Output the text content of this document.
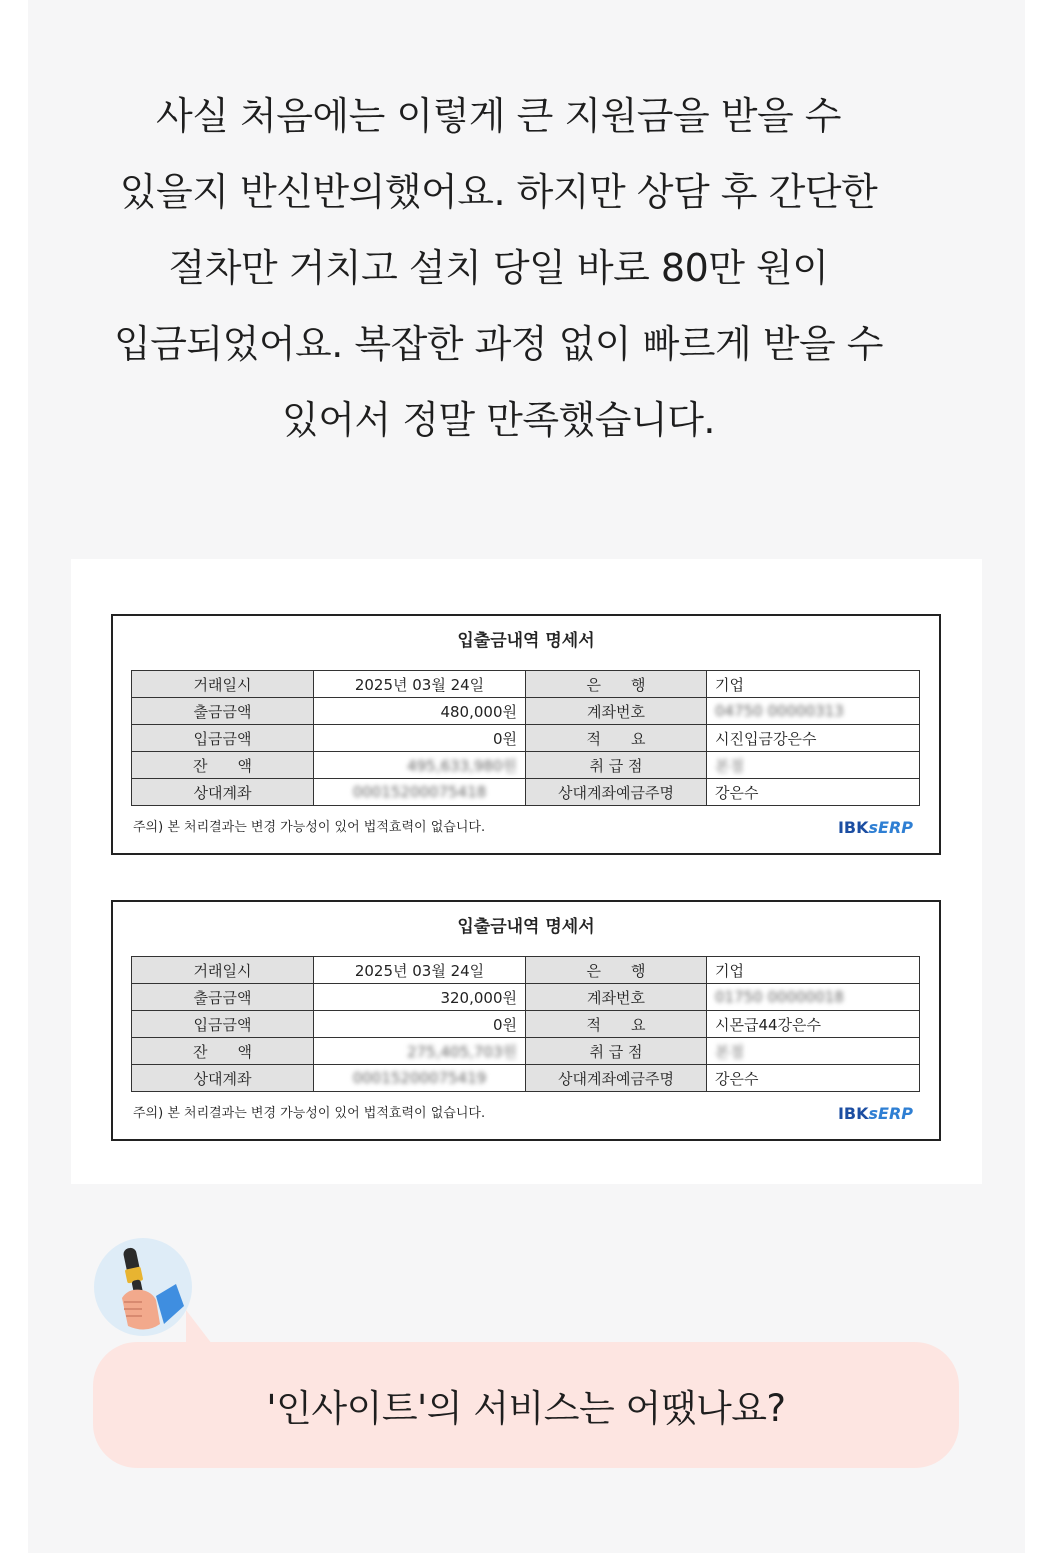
사실 처음에는 이렇게 큰 지원금을 받을 수
있을지 반신반의했어요. 하지만 상담 후 간단한
절차만 거치고 설치 당일 바로 80만 원이
입금되었어요. 복잡한 과정 없이 빠르게 받을 수
있어서 정말 만족했습니다.
입출금내역 명세서
거래일시	2025년 03월 24일	은　　행	기업
출금금액	480,000원	계좌번호	04750 00000313
입금금액	0원	적　　요	시진입금강은수
잔　　액	495,633,980원	취 급 점	본점
상대계좌	00015200075418	상대계좌예금주명	강은수
주의) 본 처리결과는 변경 가능성이 있어 법적효력이 없습니다.	IBKsERP
입출금내역 명세서
거래일시	2025년 03월 24일	은　　행	기업
출금금액	320,000원	계좌번호	01750 00000018
입금금액	0원	적　　요	시몬급44강은수
잔　　액	275,405,703원	취 급 점	본점
상대계좌	00015200075419	상대계좌예금주명	강은수
주의) 본 처리결과는 변경 가능성이 있어 법적효력이 없습니다.	IBKsERP
'인사이트'의 서비스는 어땠나요?
